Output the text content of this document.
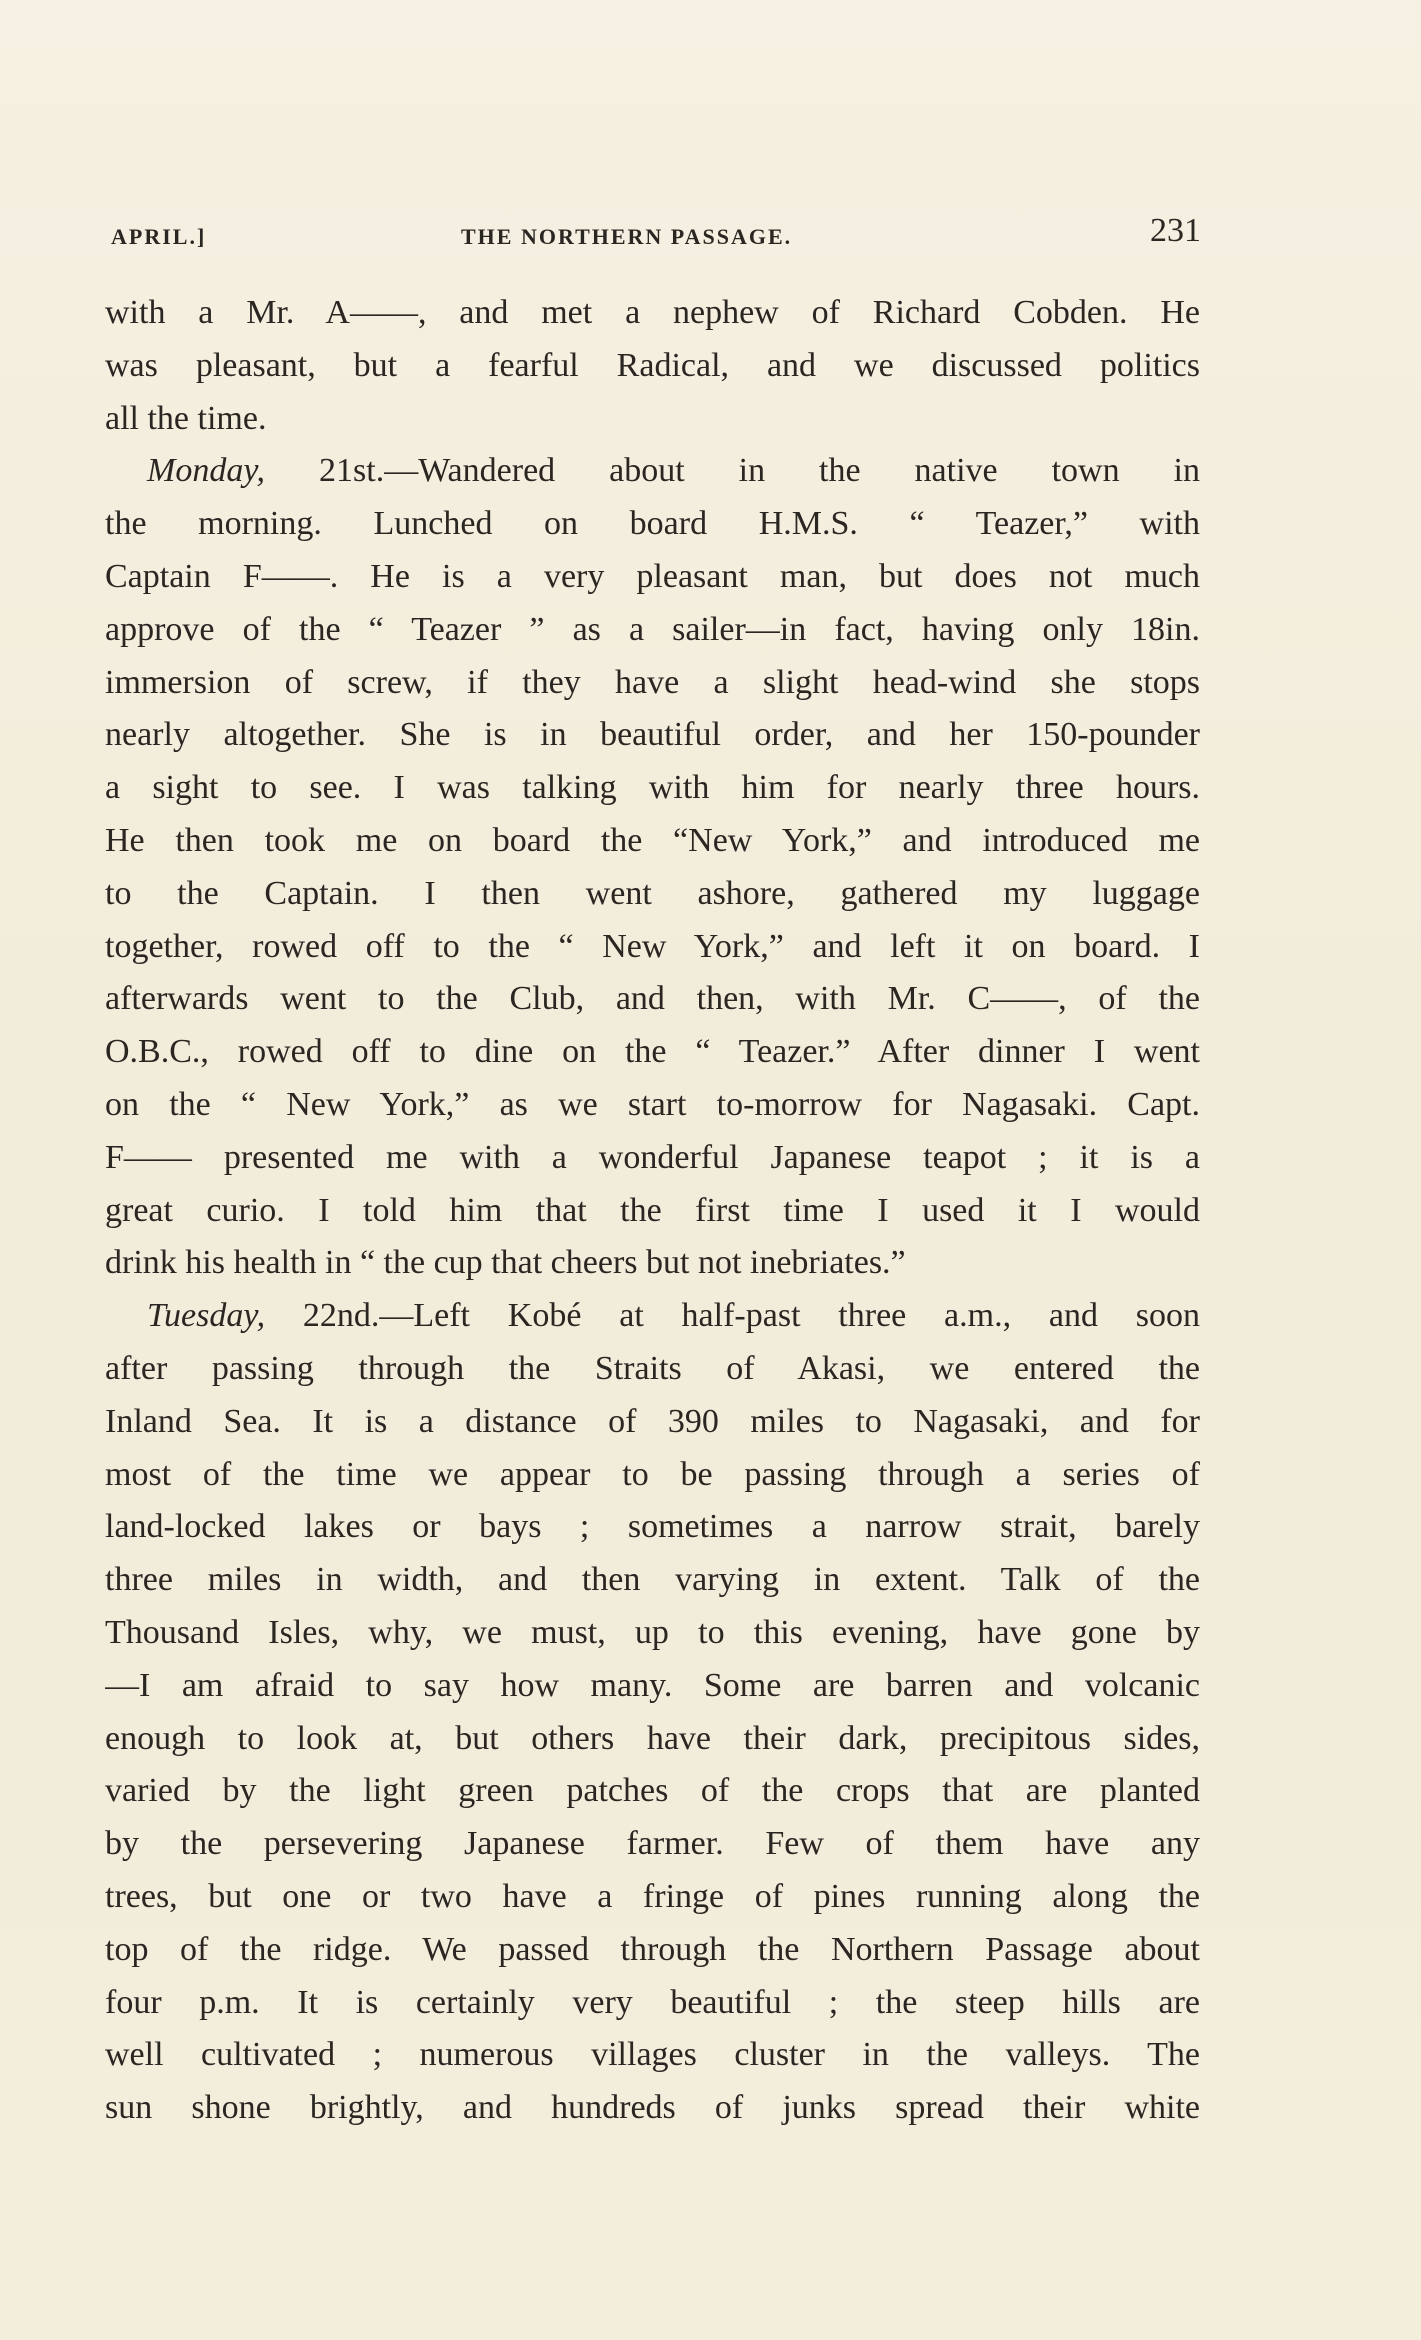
APRIL.]	THE NORTHERN PASSAGE.	231
with a Mr. A——, and met a nephew of Richard Cobden. He
was pleasant, but a fearful Radical, and we discussed politics
all the time.
Monday, 21st.—Wandered about in the native town in
the morning. Lunched on board H.M.S. “ Teazer,” with
Captain F——. He is a very pleasant man, but does not much
approve of the “ Teazer ” as a sailer—in fact, having only 18in.
immersion of screw, if they have a slight head-wind she stops
nearly altogether. She is in beautiful order, and her 150-pounder
a sight to see. I was talking with him for nearly three hours.
He then took me on board the “New York,” and introduced me
to the Captain. I then went ashore, gathered my luggage
together, rowed off to the “ New York,” and left it on board. I
afterwards went to the Club, and then, with Mr. C——, of the
O.B.C., rowed off to dine on the “ Teazer.” After dinner I went
on the “ New York,” as we start to-morrow for Nagasaki. Capt.
F—— presented me with a wonderful Japanese teapot ; it is a
great curio. I told him that the first time I used it I would
drink his health in “ the cup that cheers but not inebriates.”
Tuesday, 22nd.—Left Kobé at half-past three a.m., and soon
after passing through the Straits of Akasi, we entered the
Inland Sea. It is a distance of 390 miles to Nagasaki, and for
most of the time we appear to be passing through a series of
land-locked lakes or bays ; sometimes a narrow strait, barely
three miles in width, and then varying in extent. Talk of the
Thousand Isles, why, we must, up to this evening, have gone by
—I am afraid to say how many. Some are barren and volcanic
enough to look at, but others have their dark, precipitous sides,
varied by the light green patches of the crops that are planted
by the persevering Japanese farmer. Few of them have any
trees, but one or two have a fringe of pines running along the
top of the ridge. We passed through the Northern Passage about
four p.m. It is certainly very beautiful ; the steep hills are
well cultivated ; numerous villages cluster in the valleys. The
sun shone brightly, and hundreds of junks spread their white
